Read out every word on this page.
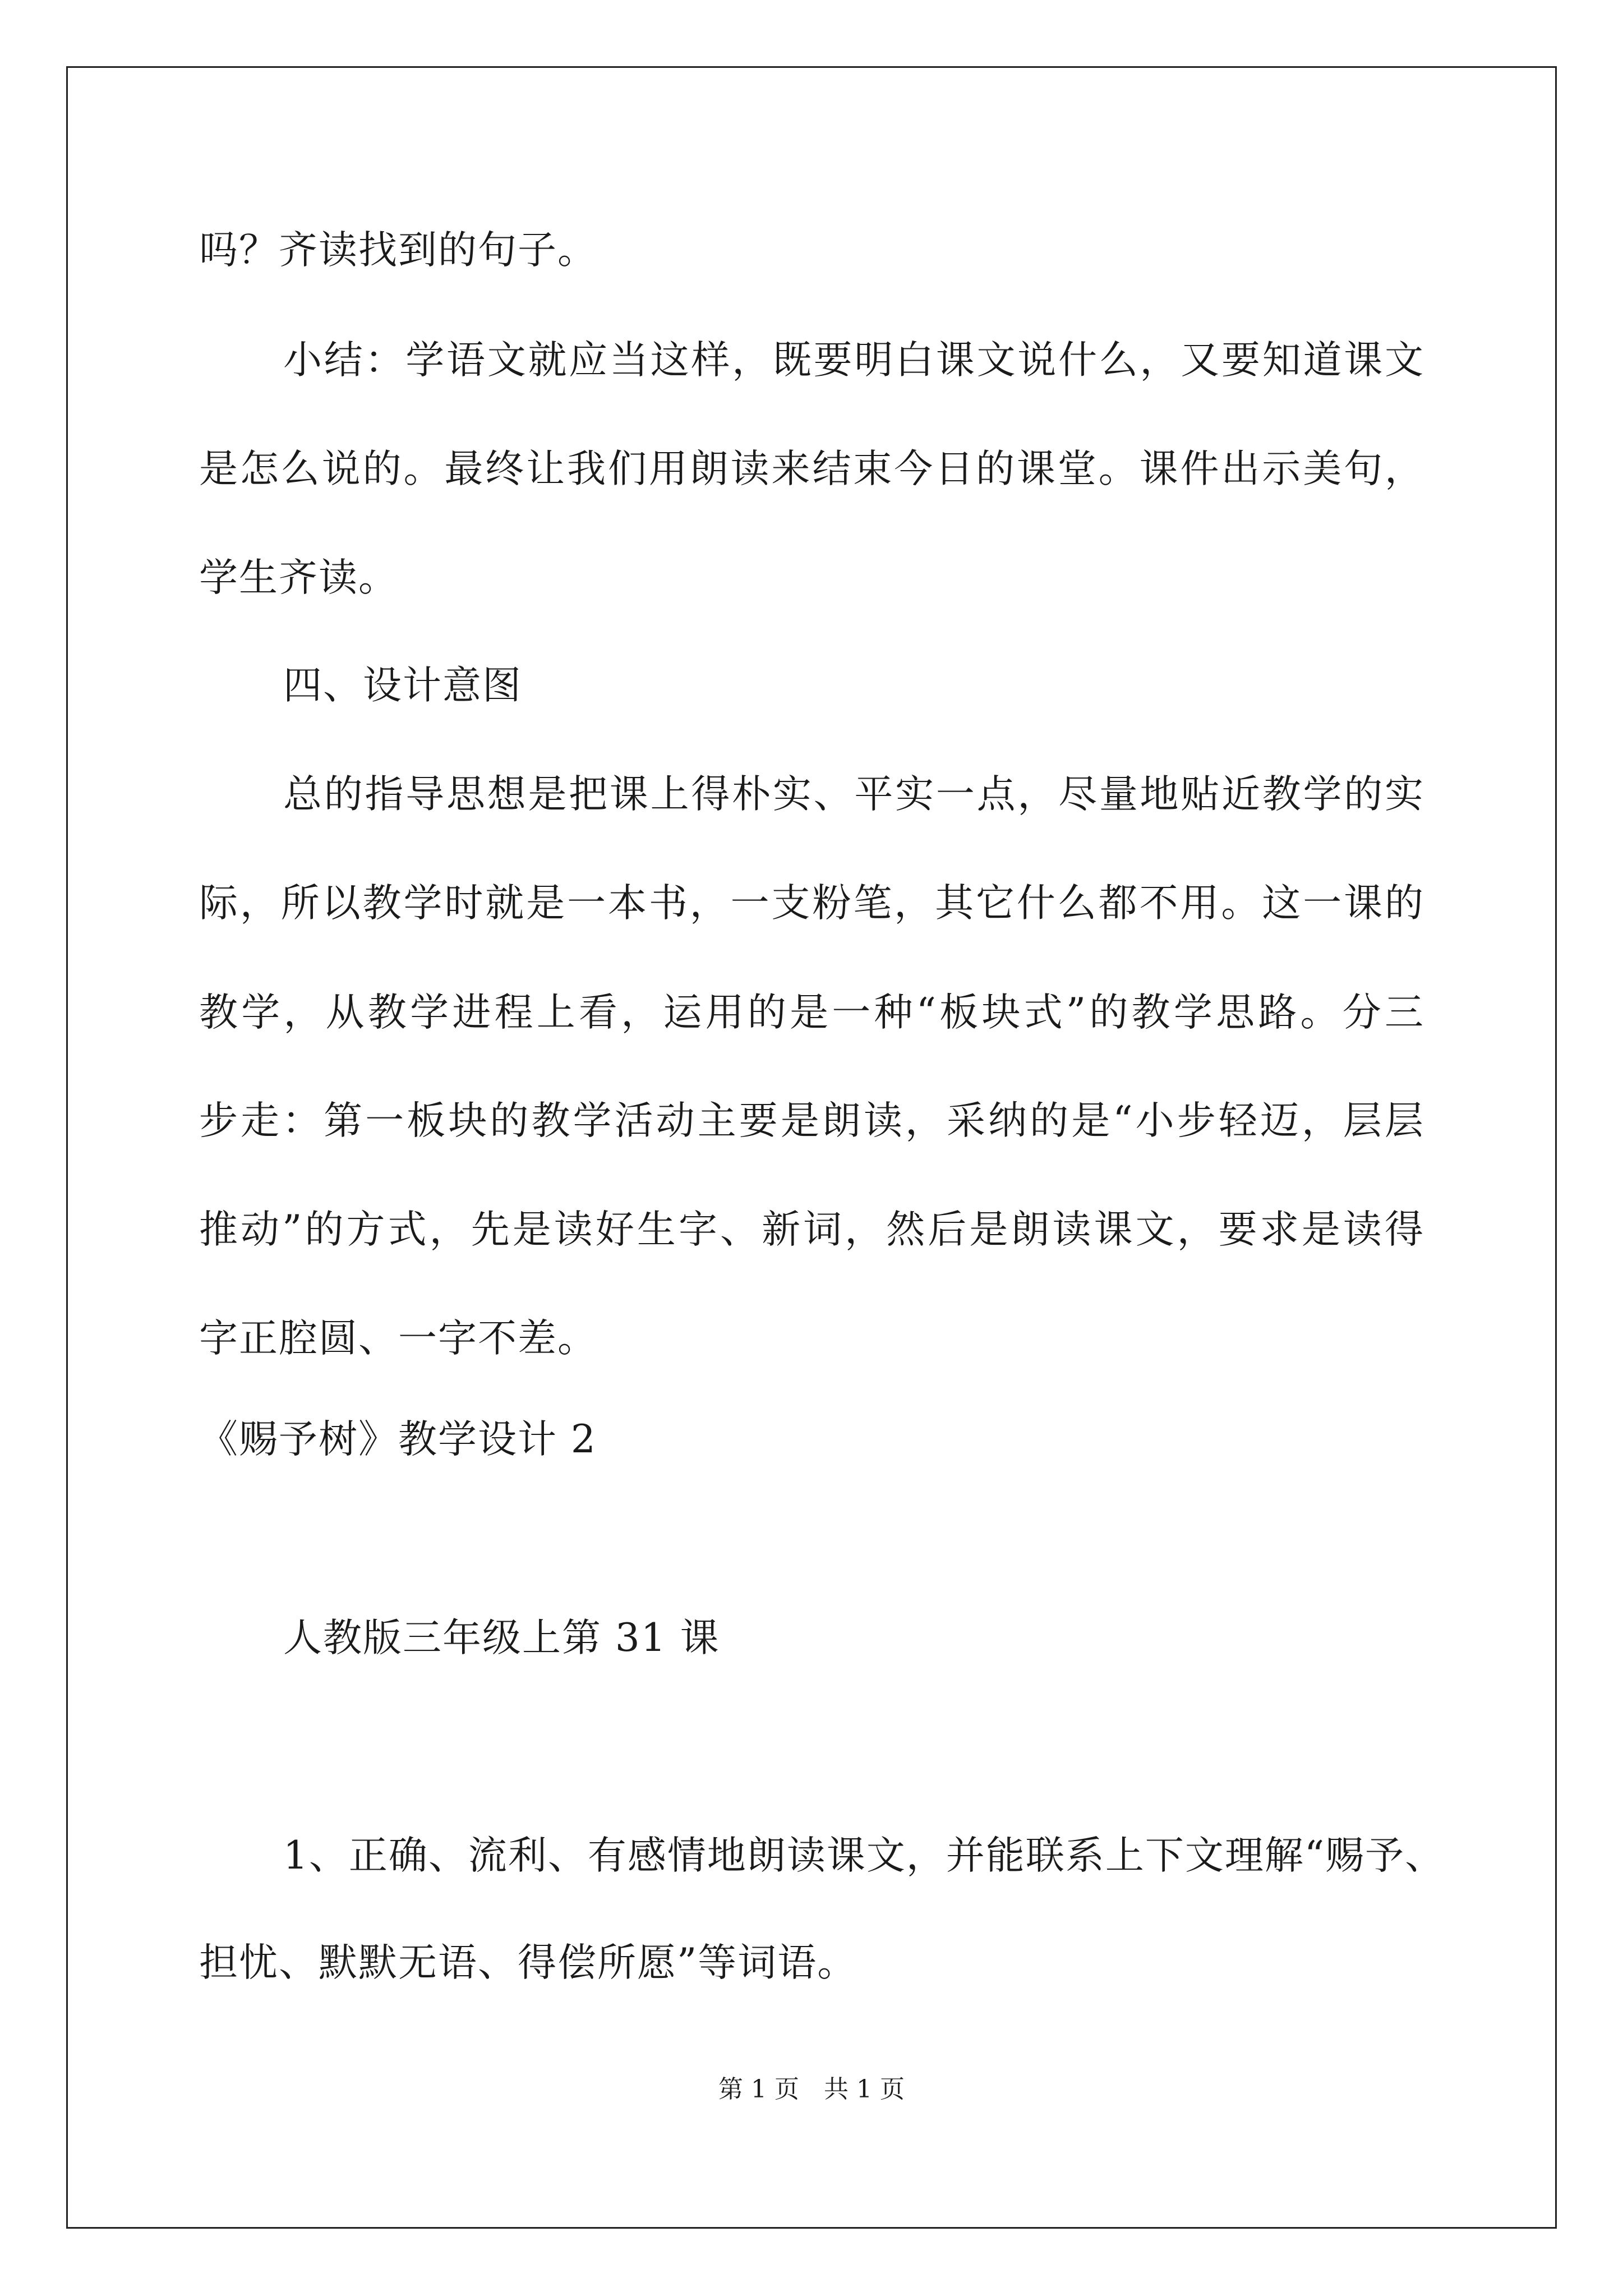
吗？齐读找到的句子。
小结：学语文就应当这样，既要明白课文说什么，又要知道课文
是怎么说的。最终让我们用朗读来结束今日的课堂。课件出示美句，
学生齐读。
四、设计意图
总的指导思想是把课上得朴实、平实一点，尽量地贴近教学的实
际，所以教学时就是一本书，一支粉笔，其它什么都不用。这一课的
教学，从教学进程上看，运用的是一种“板块式”的教学思路。分三
步走：第一板块的教学活动主要是朗读，采纳的是“小步轻迈，层层
推动”的方式，先是读好生字、新词，然后是朗读课文，要求是读得
字正腔圆、一字不差。
《赐予树》教学设计 2
人教版三年级上第 31 课
1、正确、流利、有感情地朗读课文，并能联系上下文理解“赐予、
担忧、默默无语、得偿所愿”等词语。
第 1 页　共 1 页
